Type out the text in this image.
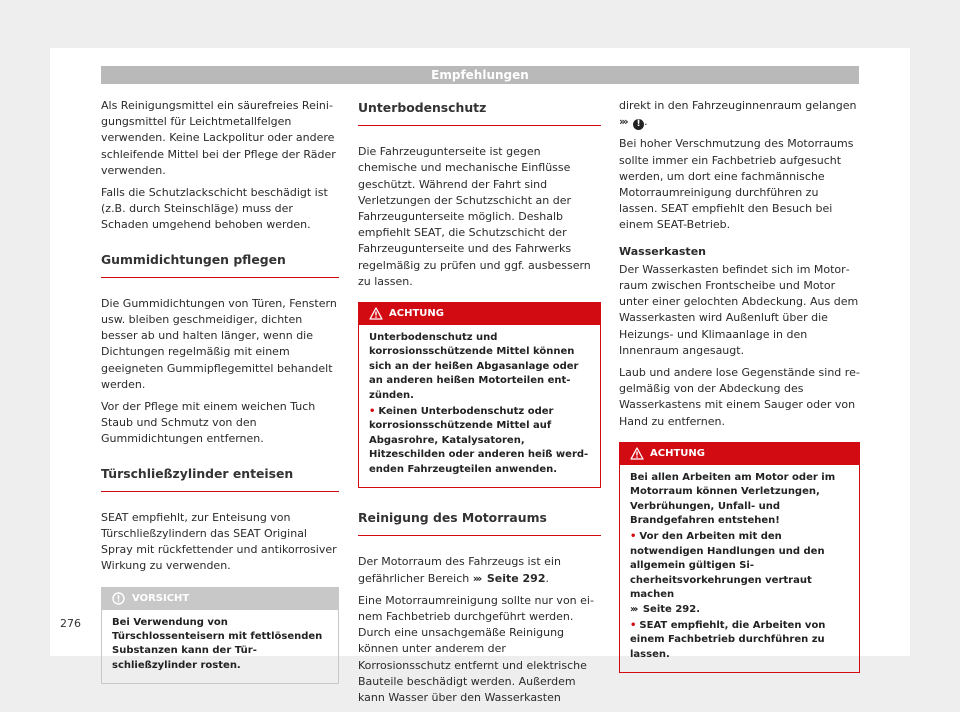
Empfehlungen

Als Reinigungsmittel ein säurefreies Reinigungsmittel für Leichtmetallfelgen verwenden. Keine Lackpolitur oder andere schleifende Mittel bei der Pflege der Räder verwenden.

Falls die Schutzlackschicht beschädigt ist (z.B. durch Steinschläge) muss der Schaden umgehend behoben werden.

Gummidichtungen pflegen

Die Gummidichtungen von Türen, Fenstern usw. bleiben geschmeidiger, dichten besser ab und halten länger, wenn die Dichtungen regelmäßig mit einem geeigneten Gummipflegemittel behandelt werden.

Vor der Pflege mit einem weichen Tuch Staub und Schmutz von den Gummidichtungen entfernen.

Türschließzylinder enteisen

SEAT empfiehlt, zur Enteisung von Türschließzylindern das SEAT Original Spray mit rückfettender und antikorrosiver Wirkung zu verwenden.

VORSICHT

Bei Verwendung von Türschlossenteisern mit fettlösenden Substanzen kann der Türschließzylinder rosten.

Unterbodenschutz

Die Fahrzeugunterseite ist gegen chemische und mechanische Einflüsse geschützt. Während der Fahrt sind Verletzungen der Schutzschicht an der Fahrzeugunterseite möglich. Deshalb empfiehlt SEAT, die Schutzschicht der Fahrzeugunterseite und des Fahrwerks regelmäßig zu prüfen und ggf. ausbessern zu lassen.

ACHTUNG

Unterbodenschutz und korrosionsschützende Mittel können sich an der heißen Abgasanlage oder an anderen heißen Motorteilen entzünden.

• Keinen Unterbodenschutz oder korrosionsschützende Mittel auf Abgasrohre, Katalysatoren, Hitzeschilden oder anderen heiß werdenden Fahrzeugteilen anwenden.

Reinigung des Motorraums

Der Motorraum des Fahrzeugs ist ein gefährlicher Bereich ››› Seite 292.

Eine Motorraumreinigung sollte nur von einem Fachbetrieb durchgeführt werden. Durch eine unsachgemäße Reinigung können unter anderem der Korrosionsschutz entfernt und elektrische Bauteile beschädigt werden. Außerdem kann Wasser über den Wasserkasten

direkt in den Fahrzeuginnenraum gelangen
››› ! .

Bei hoher Verschmutzung des Motorraums sollte immer ein Fachbetrieb aufgesucht werden, um dort eine fachmännische Motorraumreinigung durchführen zu lassen. SEAT empfiehlt den Besuch bei einem SEAT-Betrieb.

Wasserkasten

Der Wasserkasten befindet sich im Motorraum zwischen Frontscheibe und Motor unter einer gelochten Abdeckung. Aus dem Wasserkasten wird Außenluft über die Heizungs- und Klimaanlage in den Innenraum angesaugt.

Laub und andere lose Gegenstände sind regelmäßig von der Abdeckung des Wasserkastens mit einem Sauger oder von Hand zu entfernen.

ACHTUNG

Bei allen Arbeiten am Motor oder im Motorraum können Verletzungen, Verbrühungen, Unfall- und Brandgefahren entstehen!

• Vor den Arbeiten mit den notwendigen Handlungen und den allgemein gültigen Sicherheitsvorkehrungen vertraut machen
››› Seite 292.

• SEAT empfiehlt, die Arbeiten von einem Fachbetrieb durchführen zu lassen.

276
